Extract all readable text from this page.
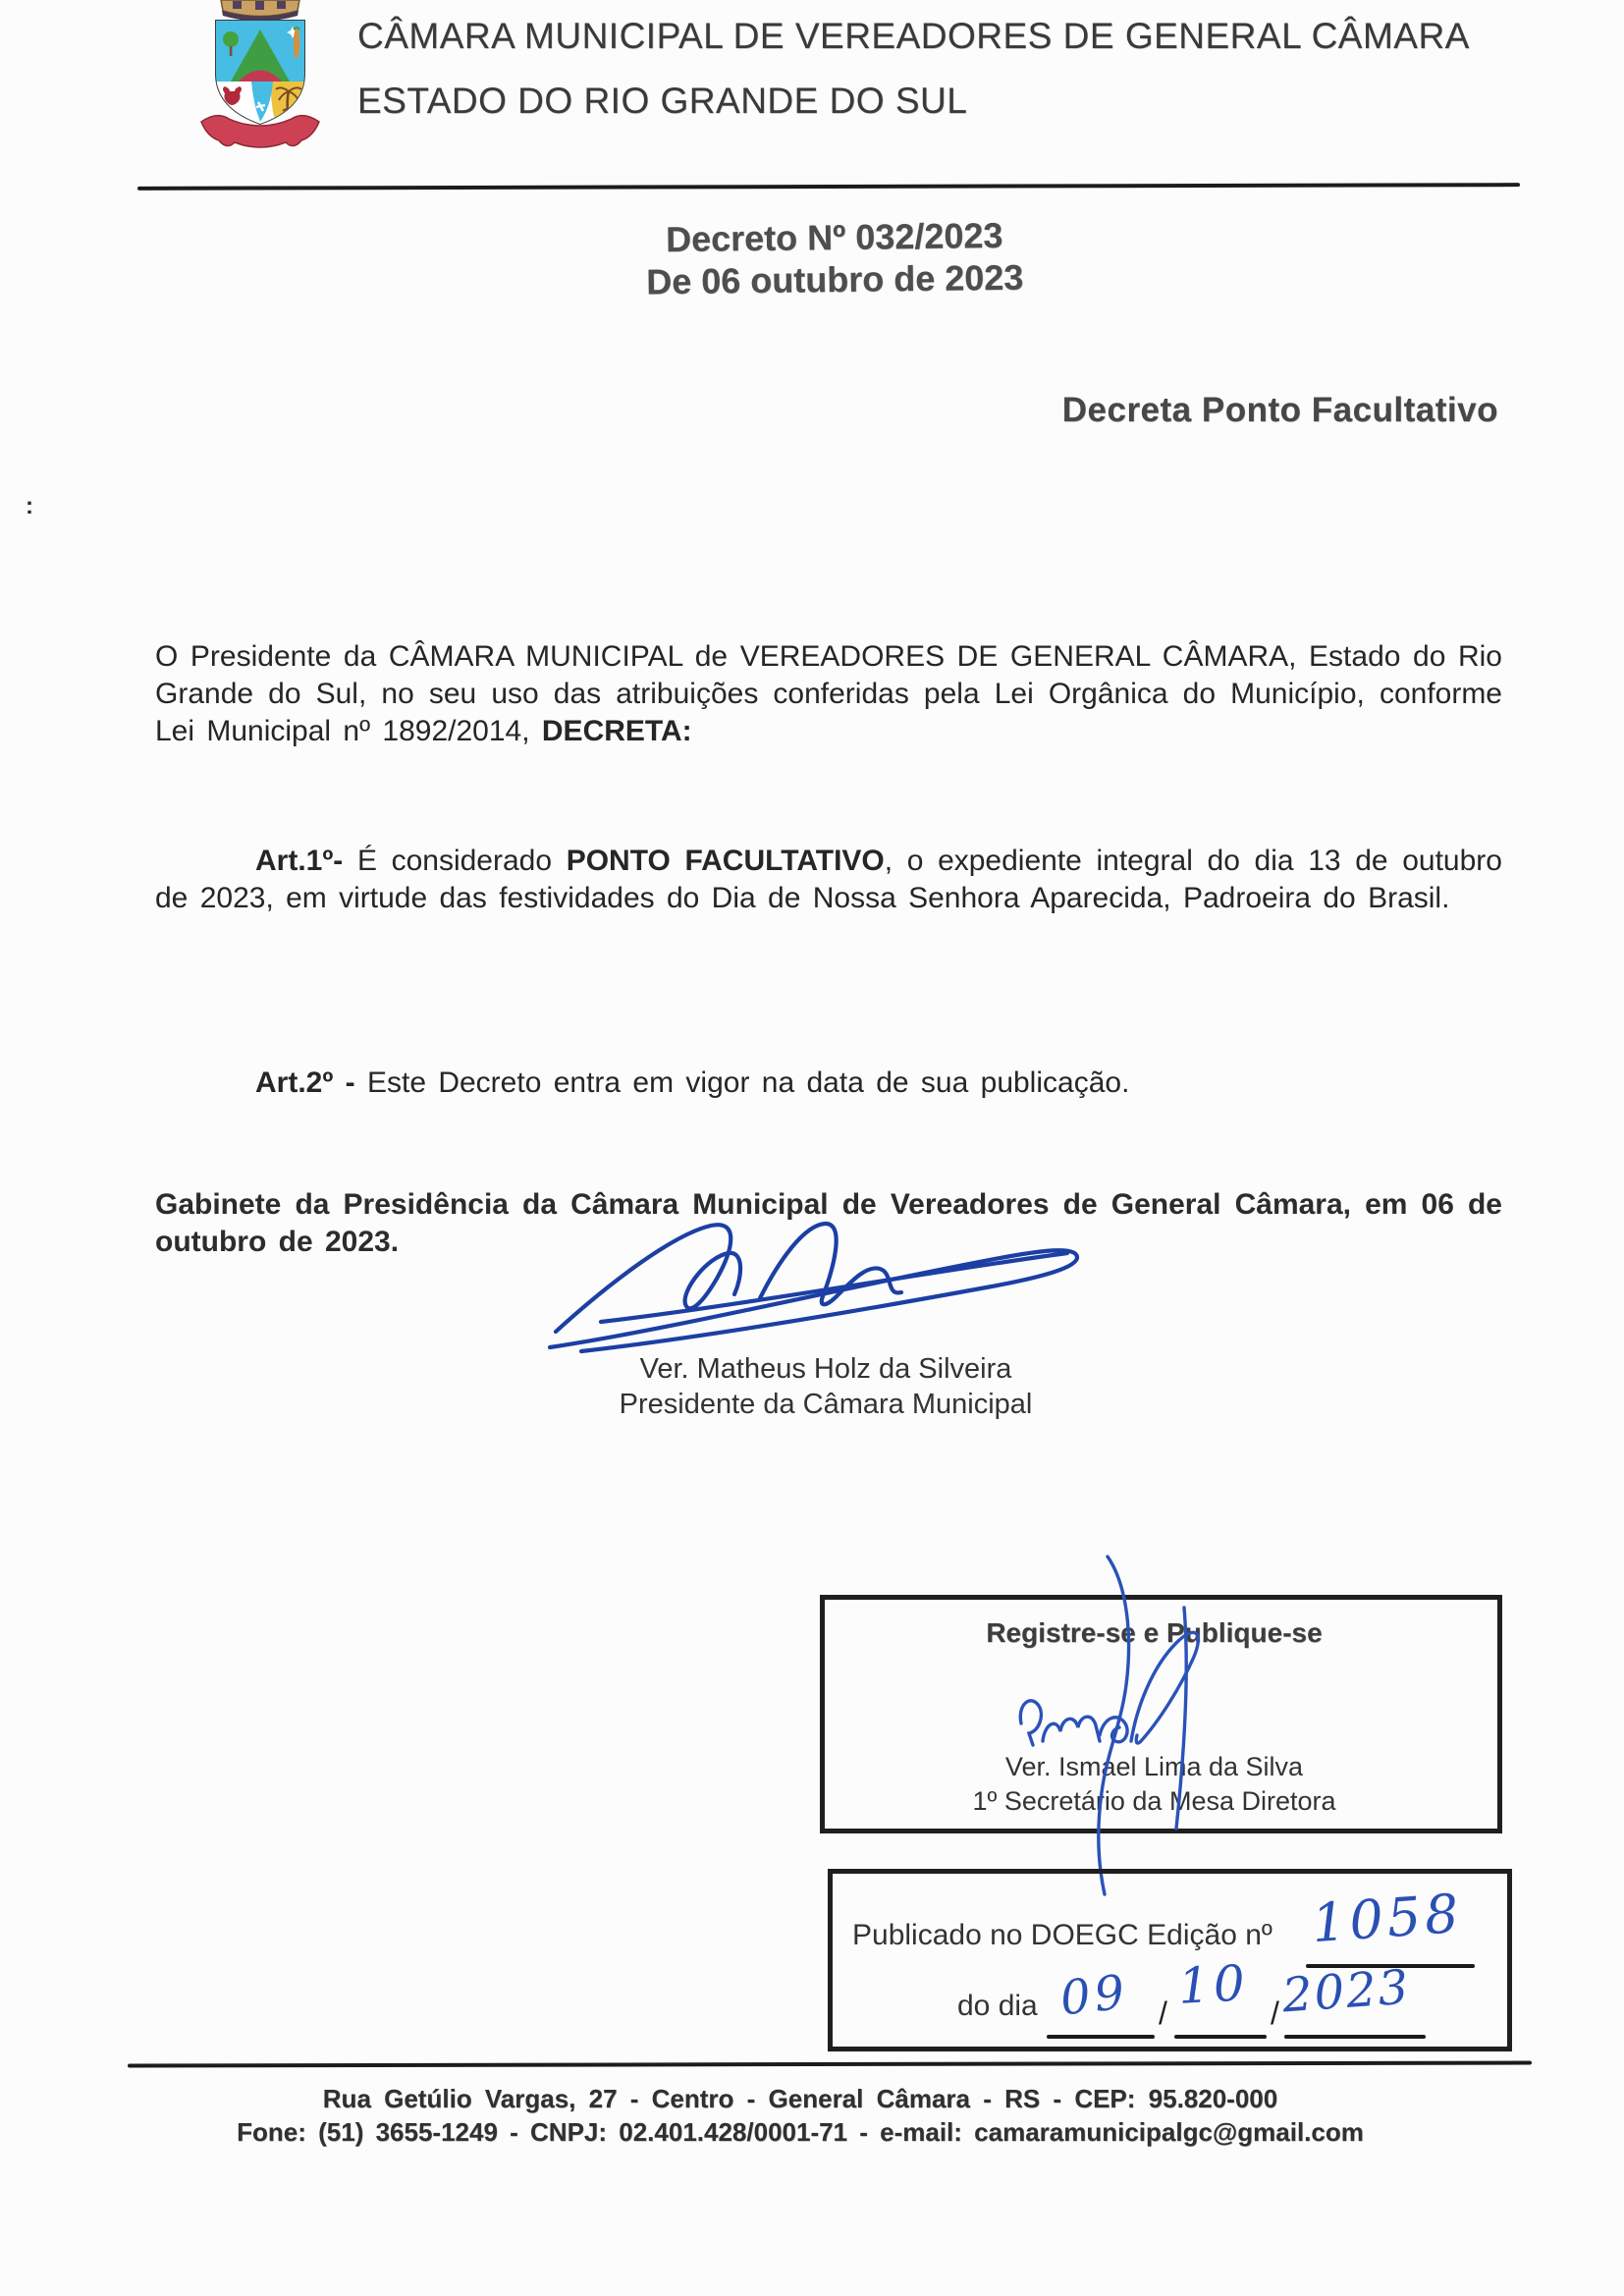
CÂMARA MUNICIPAL DE VEREADORES DE GENERAL CÂMARA
ESTADO DO RIO GRANDE DO SUL
Decreto Nº 032/2023
De 06 outubro de 2023
Decreta Ponto Facultativo

O Presidente da CÂMARA MUNICIPAL de VEREADORES DE GENERAL CÂMARA, Estado do Rio Grande do Sul, no seu uso das atribuições conferidas pela Lei Orgânica do Município, conforme Lei Municipal nº 1892/2014, DECRETA:

Art.1º- É considerado PONTO FACULTATIVO, o expediente integral do dia 13 de outubro de 2023, em virtude das festividades do Dia de Nossa Senhora Aparecida, Padroeira do Brasil.

Art.2º - Este Decreto entra em vigor na data de sua publicação.

Gabinete da Presidência da Câmara Municipal de Vereadores de General Câmara, em 06 de outubro de 2023.

Ver. Matheus Holz da Silveira
Presidente da Câmara Municipal
Registre-se e Publique-se
Ver. Ismael Lima da Silva
1º Secretário da Mesa Diretora
Publicado no DOEGC Edição nº 1058
do dia	/	/
09 10 2023
Rua Getúlio Vargas, 27 - Centro - General Câmara - RS - CEP: 95.820-000
Fone: (51) 3655-1249 - CNPJ: 02.401.428/0001-71 - e-mail: camaramunicipalgc@gmail.com
:
